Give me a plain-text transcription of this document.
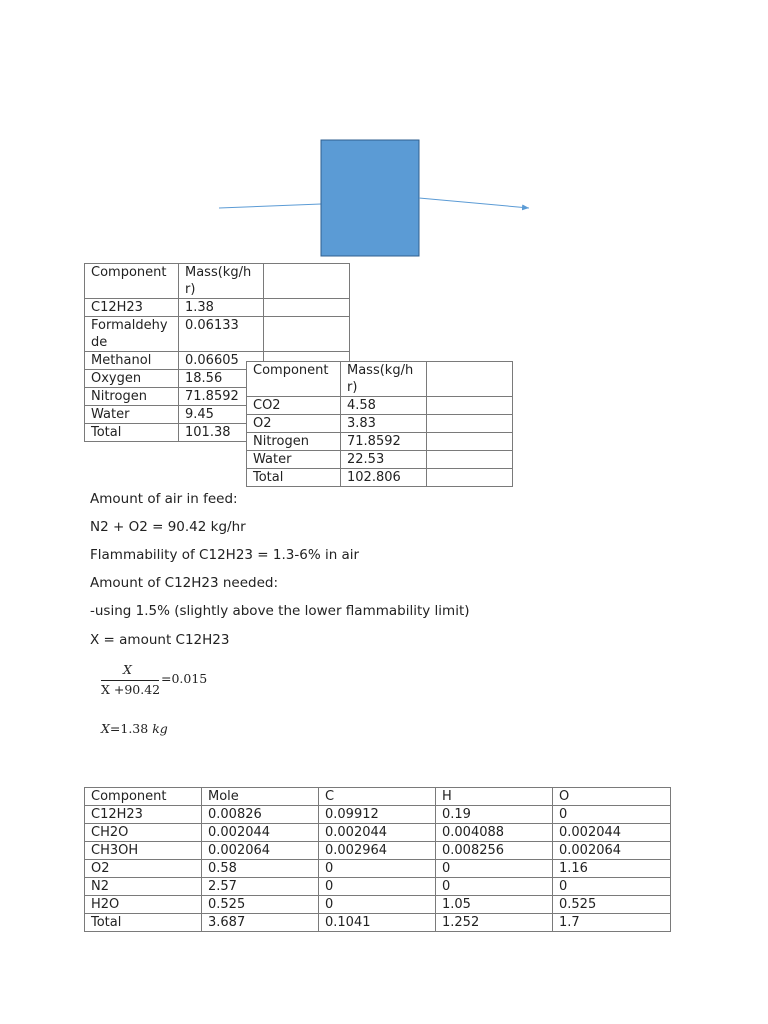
Component	Mass(kg/hr)	
C12H23	1.38	
Formaldehyde	0.06133	
Methanol	0.06605	
Oxygen	18.56	
Nitrogen	71.8592	
Water	9.45	
Total	101.38	
Component	Mass(kg/hr)	
CO2	4.58	
O2	3.83	
Nitrogen	71.8592	
Water	22.53	
Total	102.806	
Amount of air in feed:
N2 + O2 = 90.42 kg/hr
Flammability of C12H23 = 1.3-6% in air
Amount of C12H23 needed:
-using 1.5% (slightly above the lower flammability limit)
X = amount C12H23
X
X +90.42
=0.015
X=1.38 kg
Component	Mole	C	H	O
C12H23	0.00826	0.09912	0.19	0
CH2O	0.002044	0.002044	0.004088	0.002044
CH3OH	0.002064	0.002964	0.008256	0.002064
O2	0.58	0	0	1.16
N2	2.57	0	0	0
H2O	0.525	0	1.05	0.525
Total	3.687	0.1041	1.252	1.7
